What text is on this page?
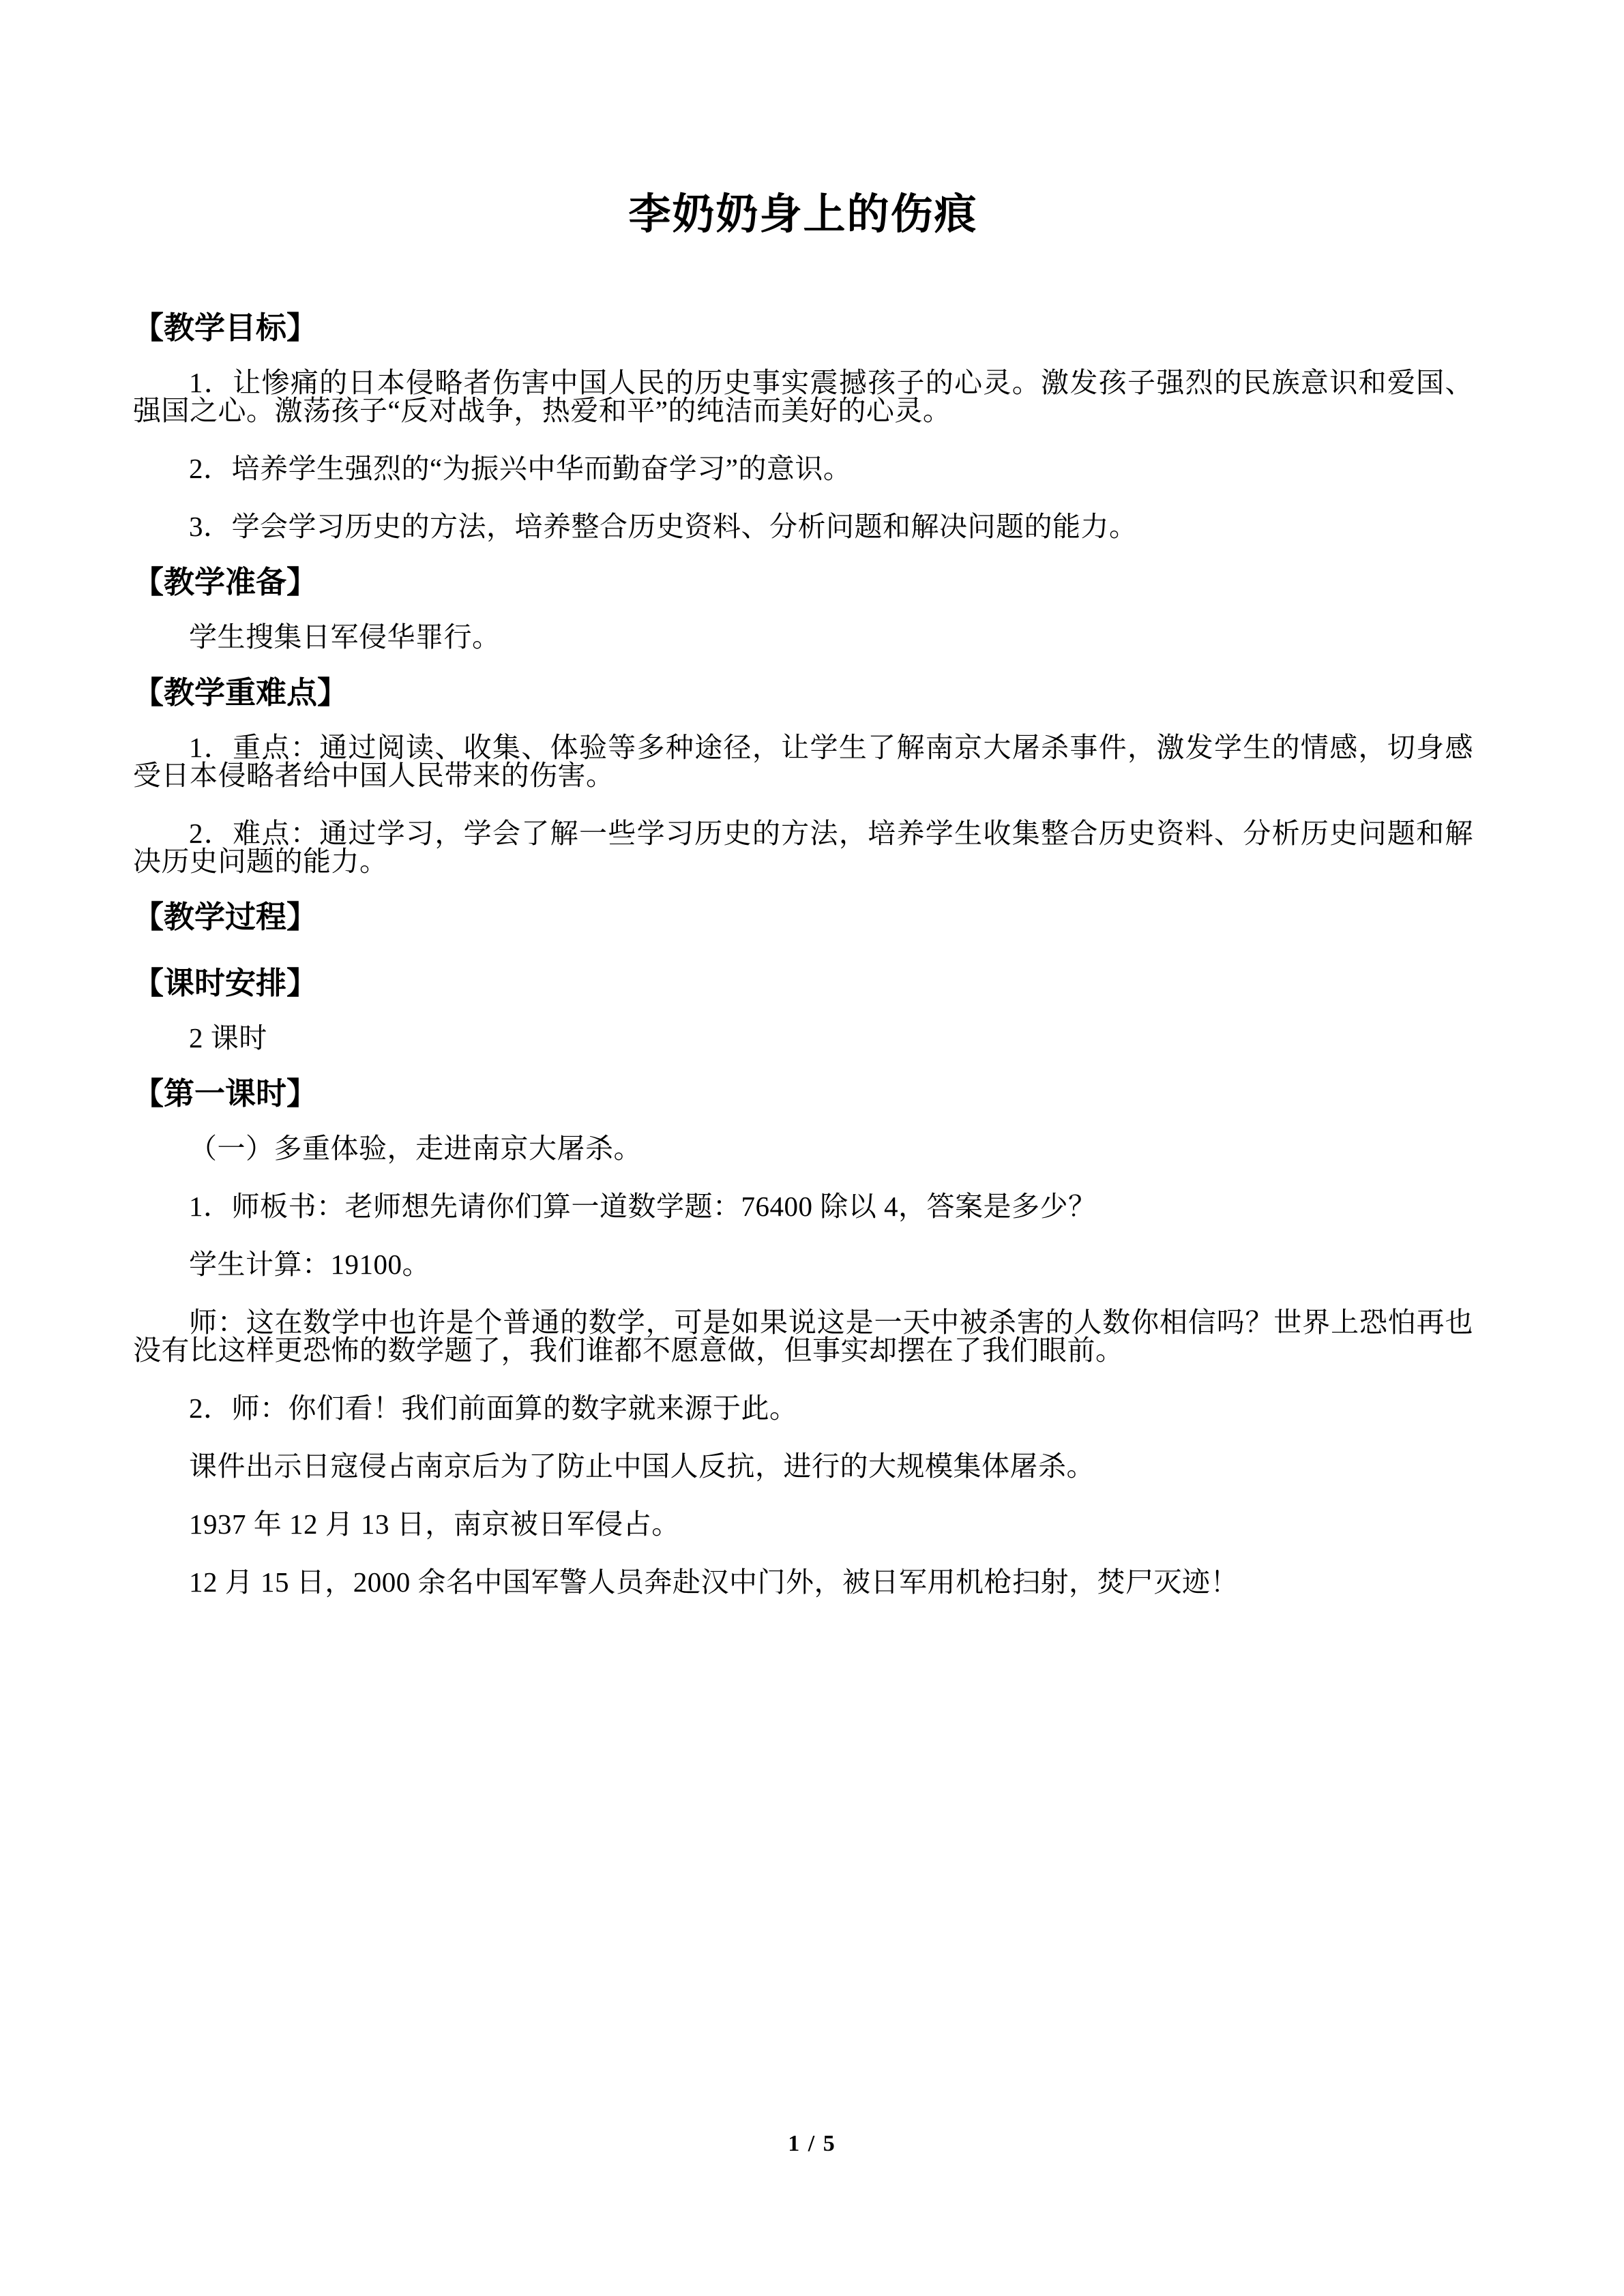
李奶奶身上的伤痕
【教学目标】

1．让惨痛的日本侵略者伤害中国人民的历史事实震撼孩子的心灵。激发孩子强烈的民族意识和爱国、强国之心。激荡孩子“反对战争，热爱和平”的纯洁而美好的心灵。

2．培养学生强烈的“为振兴中华而勤奋学习”的意识。

3．学会学习历史的方法，培养整合历史资料、分析问题和解决问题的能力。

【教学准备】

学生搜集日军侵华罪行。

【教学重难点】

1．重点：通过阅读、收集、体验等多种途径，让学生了解南京大屠杀事件，激发学生的情感，切身感受日本侵略者给中国人民带来的伤害。

2．难点：通过学习，学会了解一些学习历史的方法，培养学生收集整合历史资料、分析历史问题和解决历史问题的能力。

【教学过程】
【课时安排】

2 课时

【第一课时】

（一）多重体验，走进南京大屠杀。

1．师板书：老师想先请你们算一道数学题：76400 除以 4，答案是多少？

学生计算：19100。

师：这在数学中也许是个普通的数学，可是如果说这是一天中被杀害的人数你相信吗？世界上恐怕再也没有比这样更恐怖的数学题了，我们谁都不愿意做，但事实却摆在了我们眼前。

2．师：你们看！我们前面算的数字就来源于此。

课件出示日寇侵占南京后为了防止中国人反抗，进行的大规模集体屠杀。

1937 年 12 月 13 日，南京被日军侵占。

12 月 15 日，2000 余名中国军警人员奔赴汉中门外，被日军用机枪扫射，焚尸灭迹！

1 / 5
